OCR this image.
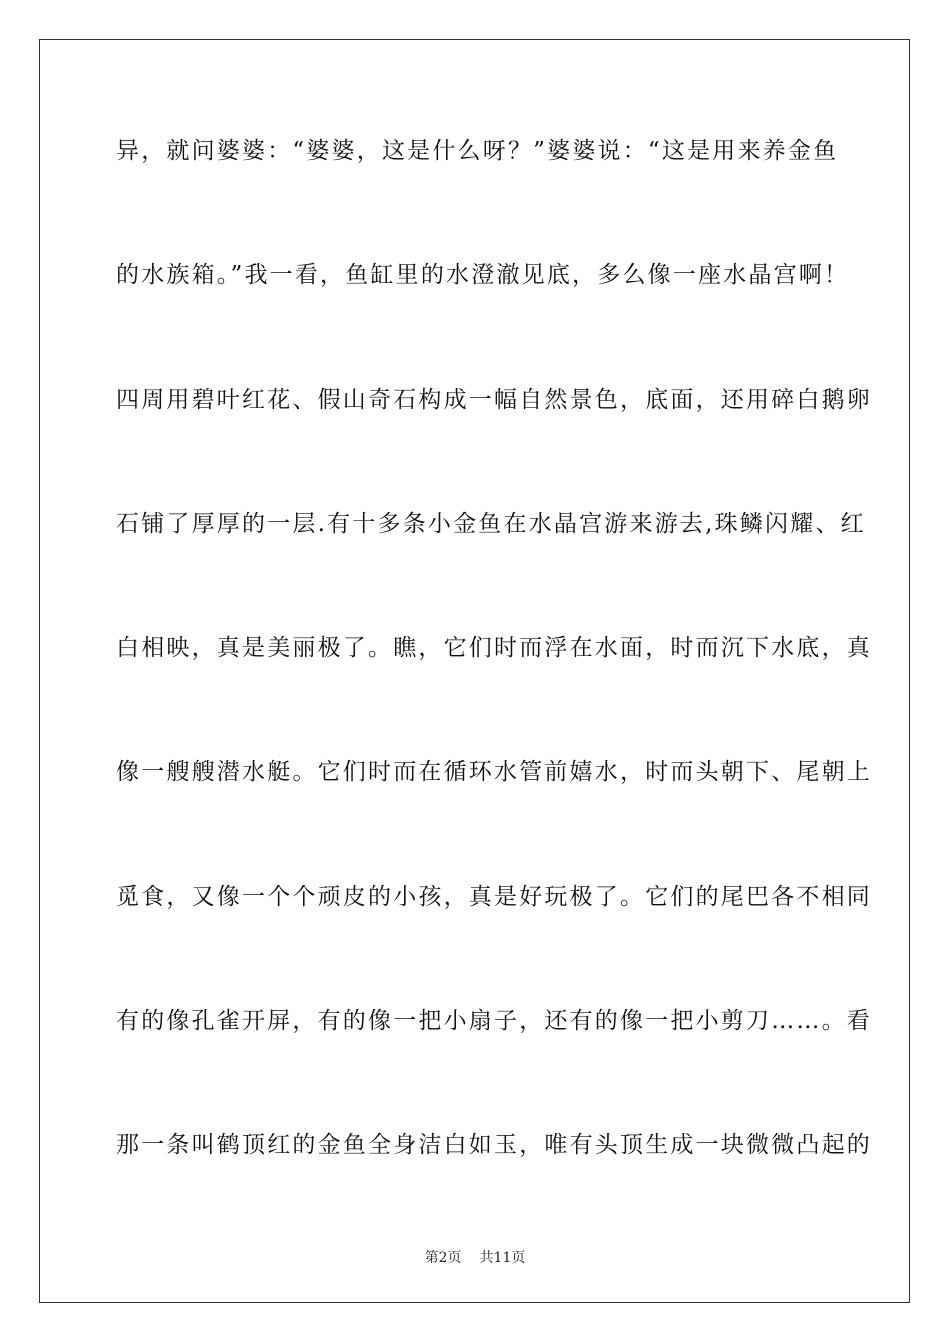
异，就问婆婆：“婆婆，这是什么呀？”婆婆说：“这是用来养金鱼
的水族箱。”我一看，鱼缸里的水澄澈见底，多么像一座水晶宫啊！
四周用碧叶红花、假山奇石构成一幅自然景色，底面，还用碎白鹅卵
石铺了厚厚的一层.有十多条小金鱼在水晶宫游来游去,珠鳞闪耀、红
白相映，真是美丽极了。瞧，它们时而浮在水面，时而沉下水底，真
像一艘艘潜水艇。它们时而在循环水管前嬉水，时而头朝下、尾朝上
觅食，又像一个个顽皮的小孩，真是好玩极了。它们的尾巴各不相同
有的像孔雀开屏，有的像一把小扇子，还有的像一把小剪刀……。看
那一条叫鹤顶红的金鱼全身洁白如玉，唯有头顶生成一块微微凸起的
第2页 共11页
